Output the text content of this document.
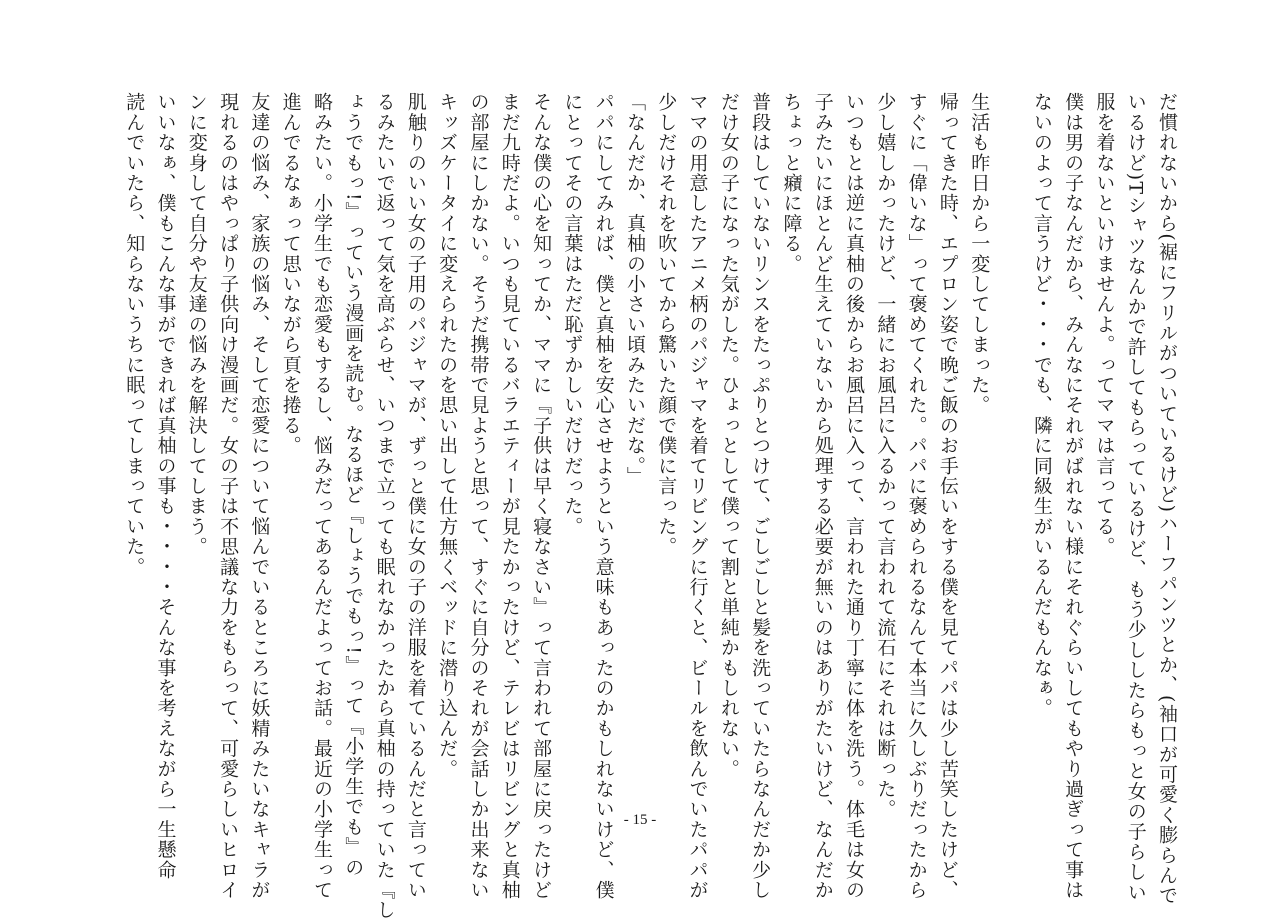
だ慣れないから(裾にフリルがついているけど)ハーフパンツとか、(袖口が可愛く膨らんで

いるけど)Tシャツなんかで許してもらっているけど、もう少ししたらもっと女の子らしい

服を着ないといけませんよ。ってママは言ってる。

僕は男の子なんだから、みんなにそれがばれない様にそれぐらいしてもやり過ぎって事は

ないのよって言うけど・・・でも、隣に同級生がいるんだもんなぁ。

生活も昨日から一変してしまった。

帰ってきた時、エプロン姿で晩ご飯のお手伝いをする僕を見てパパは少し苦笑したけど、

すぐに「偉いな」って褒めてくれた。パパに褒められるなんて本当に久しぶりだったから

少し嬉しかったけど、一緒にお風呂に入るかって言われて流石にそれは断った。

いつもとは逆に真柚の後からお風呂に入って、言われた通り丁寧に体を洗う。体毛は女の

子みたいにほとんど生えていないから処理する必要が無いのはありがたいけど、なんだか

ちょっと癪に障る。

普段はしていないリンスをたっぷりとつけて、ごしごしと髪を洗っていたらなんだか少し

だけ女の子になった気がした。ひょっとして僕って割と単純かもしれない。

ママの用意したアニメ柄のパジャマを着てリビングに行くと、ビールを飲んでいたパパが

少しだけそれを吹いてから驚いた顔で僕に言った。

「なんだか、真柚の小さい頃みたいだな。」

パパにしてみれば、僕と真柚を安心させようという意味もあったのかもしれないけど、僕

にとってその言葉はただ恥ずかしいだけだった。

そんな僕の心を知ってか、ママに『子供は早く寝なさい』って言われて部屋に戻ったけど

まだ九時だよ。いつも見ているバラエティーが見たかったけど、テレビはリビングと真柚

の部屋にしかない。そうだ携帯で見ようと思って、すぐに自分のそれが会話しか出来ない

キッズケータイに変えられたのを思い出して仕方無くベッドに潜り込んだ。

肌触りのいい女の子用のパジャマが、ずっと僕に女の子の洋服を着ているんだと言ってい

るみたいで返って気を高ぶらせ、いつまで立っても眠れなかったから真柚の持っていた『し

ょうでもっ!』っていう漫画を読む。なるほど『しょうでもっ!』って『小学生でも』の

略みたい。小学生でも恋愛もするし、悩みだってあるんだよってお話。最近の小学生って

進んでるなぁって思いながら頁を捲る。

友達の悩み、家族の悩み、そして恋愛について悩んでいるところに妖精みたいなキャラが

現れるのはやっぱり子供向け漫画だ。女の子は不思議な力をもらって、可愛らしいヒロイ

ンに変身して自分や友達の悩みを解決してしまう。

いいなぁ、僕もこんな事ができれば真柚の事も・・・・そんな事を考えながら一生懸命

読んでいたら、知らないうちに眠ってしまっていた。

- 15 -
